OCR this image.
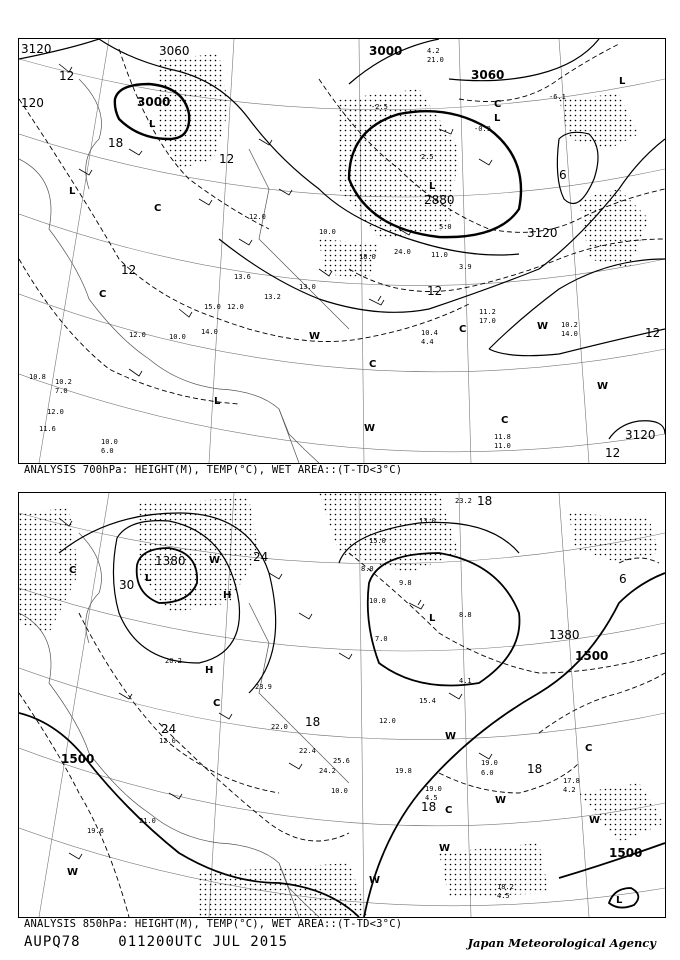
3120
3000
3000
3060
3060
2880
3120
3120
120
12
18
12
12
12
12
6
12
L
L
L
L
L
L
W
W
W
W
C
C
C
C
C
C
10.8
14.0
12.0
13.2
13.6
10.4
4.4
11.2
17.0	10.2
14.0
11.8
11.0
24.0
18.0	11.0
3.9
-2.5
-0.9
2.5
5.0
12.0
13.0
10.0
15.0
10.0
12.0
11.6
10.2
7.0
12.0
10.0
6.0
4.2
21.0
-6.1
ANALYSIS 700hPa: HEIGHT(M), TEMP(°C), WET AREA::(T-TD<3°C)
1380
1380
1500
1500
1500
30
24
24	18
18
18
6
18
L
L
L
H
H
W
W
W
W
W
W
W
C
C
C
C
23.2
13.0
15.0
10.0
8.0
9.8
7.0
8.8
4.1
15.4
12.0
19.0
4.5
19.8	6.0
19.0
17.8
4.2
18.2
4.5
22.4
10.0
24.2
25.6
12.0
19.6
21.0
20.2
22.0
23.9
ANALYSIS 850hPa: HEIGHT(M), TEMP(°C), WET AREA::(T-TD<3°C)
AUPQ78	011200UTC JUL 2015	Japan Meteorological Agency
